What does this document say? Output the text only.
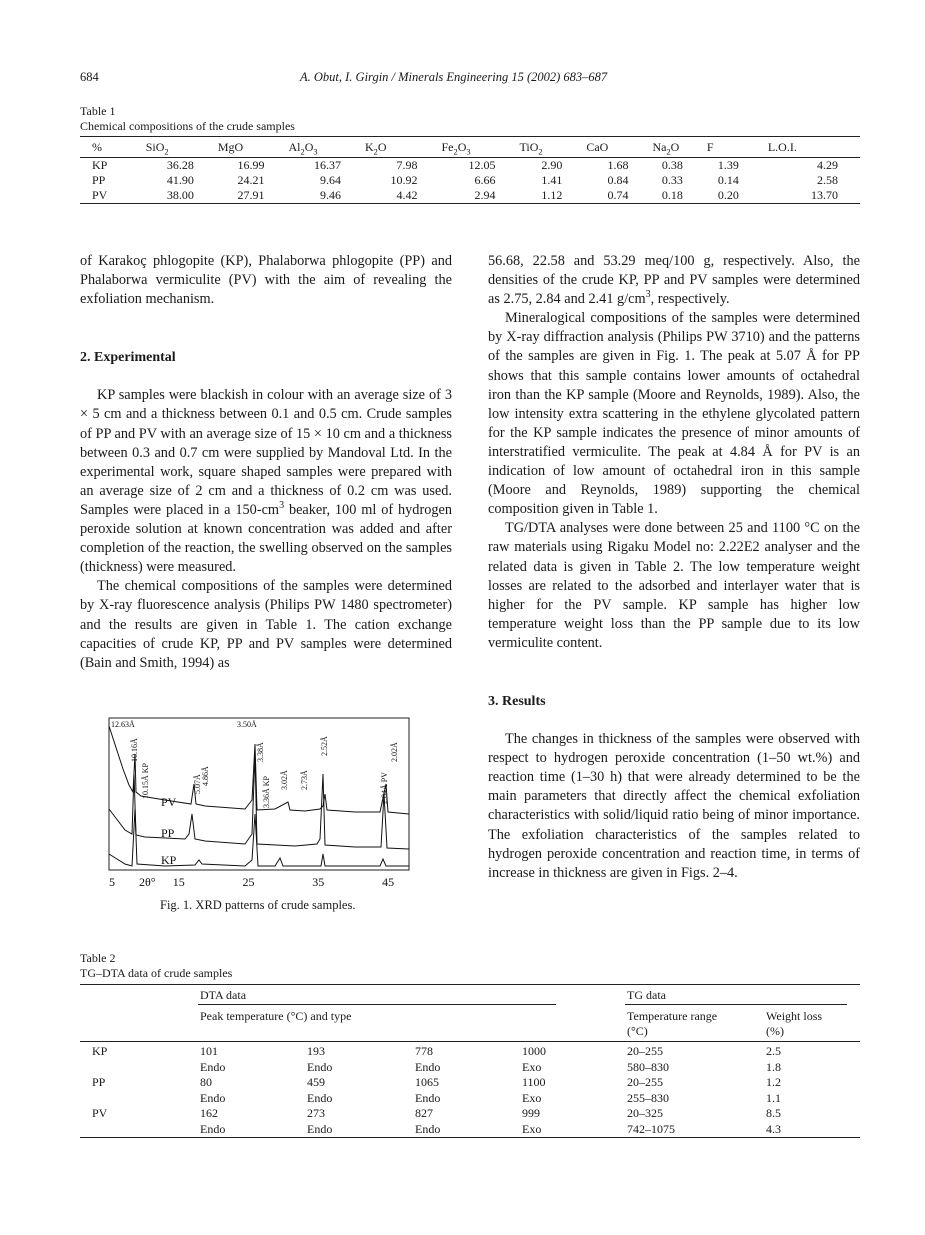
684	A. Obut, I. Girgin / Minerals Engineering 15 (2002) 683–687
Table 1
Chemical compositions of the crude samples
%	SiO$_2$	MgO	$Al_2O_3$	$K_2O$	$Fe_2O_3$	TiO$_2$	CaO	$Na_2O$	F	L.O.I.
KP	36.28	16.99	16.37	7.98	12.05	2.90	1.68	0.38	1.39	4.29
PP	41.90	24.21	9.64	10.92	6.66	1.41	0.84	0.33	0.14	2.58
PV	38.00	27.91	9.46	4.42	2.94	1.12	0.74	0.18	0.20	13.70

of Karakoç phlogopite (KP), Phalaborwa phlogopite (PP) and Phalaborwa vermiculite (PV) with the aim of revealing the exfoliation mechanism.

2. Experimental

KP samples were blackish in colour with an average size of 3 × 5 cm and a thickness between 0.1 and 0.5 cm. Crude samples of PP and PV with an average size of 15 × 10 cm and a thickness between 0.3 and 0.7 cm were supplied by Mandoval Ltd. In the experimental work, square shaped samples were prepared with an average size of 2 cm and a thickness of 0.2 cm was used. Samples were placed in a $150-cm^3$ beaker, 100 ml of hydrogen peroxide solution at known concentration was added and after completion of the reaction, the swelling observed on the samples (thickness) were measured.

The chemical compositions of the samples were determined by X-ray fluorescence analysis (Philips PW 1480 spectrometer) and the results are given in Table 1. The cation exchange capacities of crude KP, PP and PV samples were determined (Bain and Smith, 1994) as

56.68, 22.58 and 53.29 meq/100 g, respectively. Also, the densities of the crude KP, PP and PV samples were determined as 2.75, 2.84 and 2.41 $g/cm^3$, respectively.

Mineralogical compositions of the samples were determined by X-ray diffraction analysis (Philips PW 3710) and the patterns of the samples are given in Fig. 1. The peak at 5.07 Å for PP shows that this sample contains lower amounts of octahedral iron than the KP sample (Moore and Reynolds, 1989). Also, the low intensity extra scattering in the ethylene glycolated pattern for the KP sample indicates the presence of minor amounts of interstratified vermiculite. The peak at 4.84 Å for PV is an indication of low amount of octahedral iron in this sample (Moore and Reynolds, 1989) supporting the chemical composition given in Table 1.

TG/DTA analyses were done between 25 and 1100 °C on the raw materials using Rigaku Model no: 2.22E2 analyser and the related data is given in Table 2. The low temperature weight losses are related to the adsorbed and interlayer water that is higher for the PV sample. KP sample has higher low temperature weight loss than the PP sample due to its low vermiculite content.

3. Results

The changes in thickness of the samples were observed with respect to hydrogen peroxide concentration (1–50 wt.%) and reaction time (1–30 h) that were already determined to be the main parameters that directly affect the chemical exfoliation characteristics with solid/liquid ratio being of minor importance. The exfoliation characteristics of the samples related to hydrogen peroxide concentration and reaction time, in terms of increase in thickness are given in Figs. 2–4.

12.63Å
10.16Å
10.15Å KP	5.07Å 4.86Å
3.50Å
3.38Å
3.36Å KP 3.02Å 2.73Å
2.52Å
2.04Å PV
2.02Å
PV
PP
KP
5	15	25	35	45
2θ°
Fig. 1. XRD patterns of crude samples.
Table 2
TG–DTA data of crude samples
DTA data	TG data
Peak temperature (°C) and type	Temperature range
(°C)
Weight loss
(%)
KP	101	193	778	1000	20–255	2.5
	Endo	Endo	Endo	Exo	580–830	1.8
PP	80	459	1065	1100	20–255	1.2
	Endo	Endo	Endo	Exo	255–830	1.1
PV	162	273	827	999	20–325	8.5
	Endo	Endo	Endo	Exo	742–1075	4.3
